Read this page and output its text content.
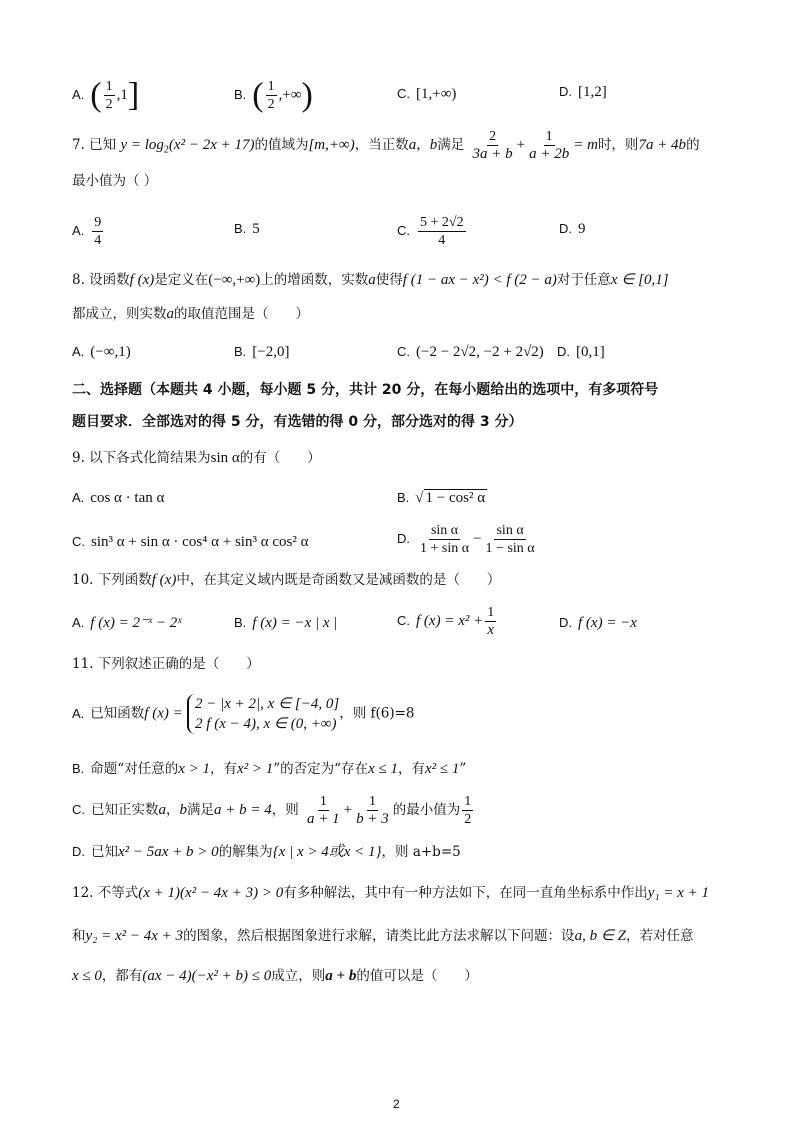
A. ( $\frac{1}{2} ,1$]	B. ( $\frac{1}{2}$ ,+∞)	C. [1,+∞)	D. [1,2]
7. 已知 $y = \log_2(x^2 - 2x + 17)$的值域为[m,+∞)，当正数a，b满足 $\frac{2}{3a + b} + \frac{1}{a + 2b} = m$时，则7a + 4b的
最小值为（ ）
A. $\frac{9}{4}$	B. 5	C. $\frac{5 + 2√2}{4}$	D. 9
8. 设函数f (x)是定义在(−∞,+∞)上的增函数，实数a使得f (1 − ax − x²) < f (2 − a)对于任意x ∈ [0,1]
都成立，则实数a的取值范围是（　　）
A. (−∞,1)	B. [−2,0]	C. (−2 − 2√2, −2 + 2√2) D. [0,1]
二、选择题（本题共 4 小题，每小题 5 分，共计 20 分，在每小题给出的选项中，有多项符号
题目要求．全部选对的得 5 分，有选错的得 0 分，部分选对的得 3 分）
9. 以下各式化简结果为sin α的有（　　）
A. cos α · tan α	B. √ 1 − cos² α
C. sin³ α + sin α · cos⁴ α + sin³ α cos² α	D. $\frac{\text{sin α}}{\text{1 + sin α}} - \frac{\text{sin α}}{\text{1 − sin α}}$
10. 下列函数f (x)中，在其定义域内既是奇函数又是减函数的是（　　）
A. f (x) = 2⁻ˣ − 2ˣ	B. f (x) = −x | x |	C. f $(x) = x^2 + \frac{1}{x}$	D. f (x) = −x
11. 下列叙述正确的是（　　）
A. 已知函数f (x) =
2 − |x + 2|, x ∈ [−4, 0]
2 f (x − 4), x ∈ (0, +∞)
，则 f(6)=8
B. 命题“对任意的x > 1，有x² > 1”的否定为“存在x ≤ 1，有x² ≤ 1”
C. 已知正实数a，b满足a + b = 4，则 $\frac{1}{a + 1} + \frac{1}{b + 3}$ 的最小值为 $\frac{1}{2}$
D. 已知x² − 5ax + b > 0的解集为{x | x > 4或x < 1}，则 a+b=5
12. 不等式(x + 1)(x² − 4x + 3) > 0有多种解法，其中有一种方法如下，在同一直角坐标系中作出y₁ = x + 1
和y₂ = x² − 4x + 3的图象，然后根据图象进行求解，请类比此方法求解以下问题：设a, b ∈ Z，若对任意
x ≤ 0，都有(ax − 4)(−x² + b) ≤ 0成立，则a + b的值可以是（　　）
2
